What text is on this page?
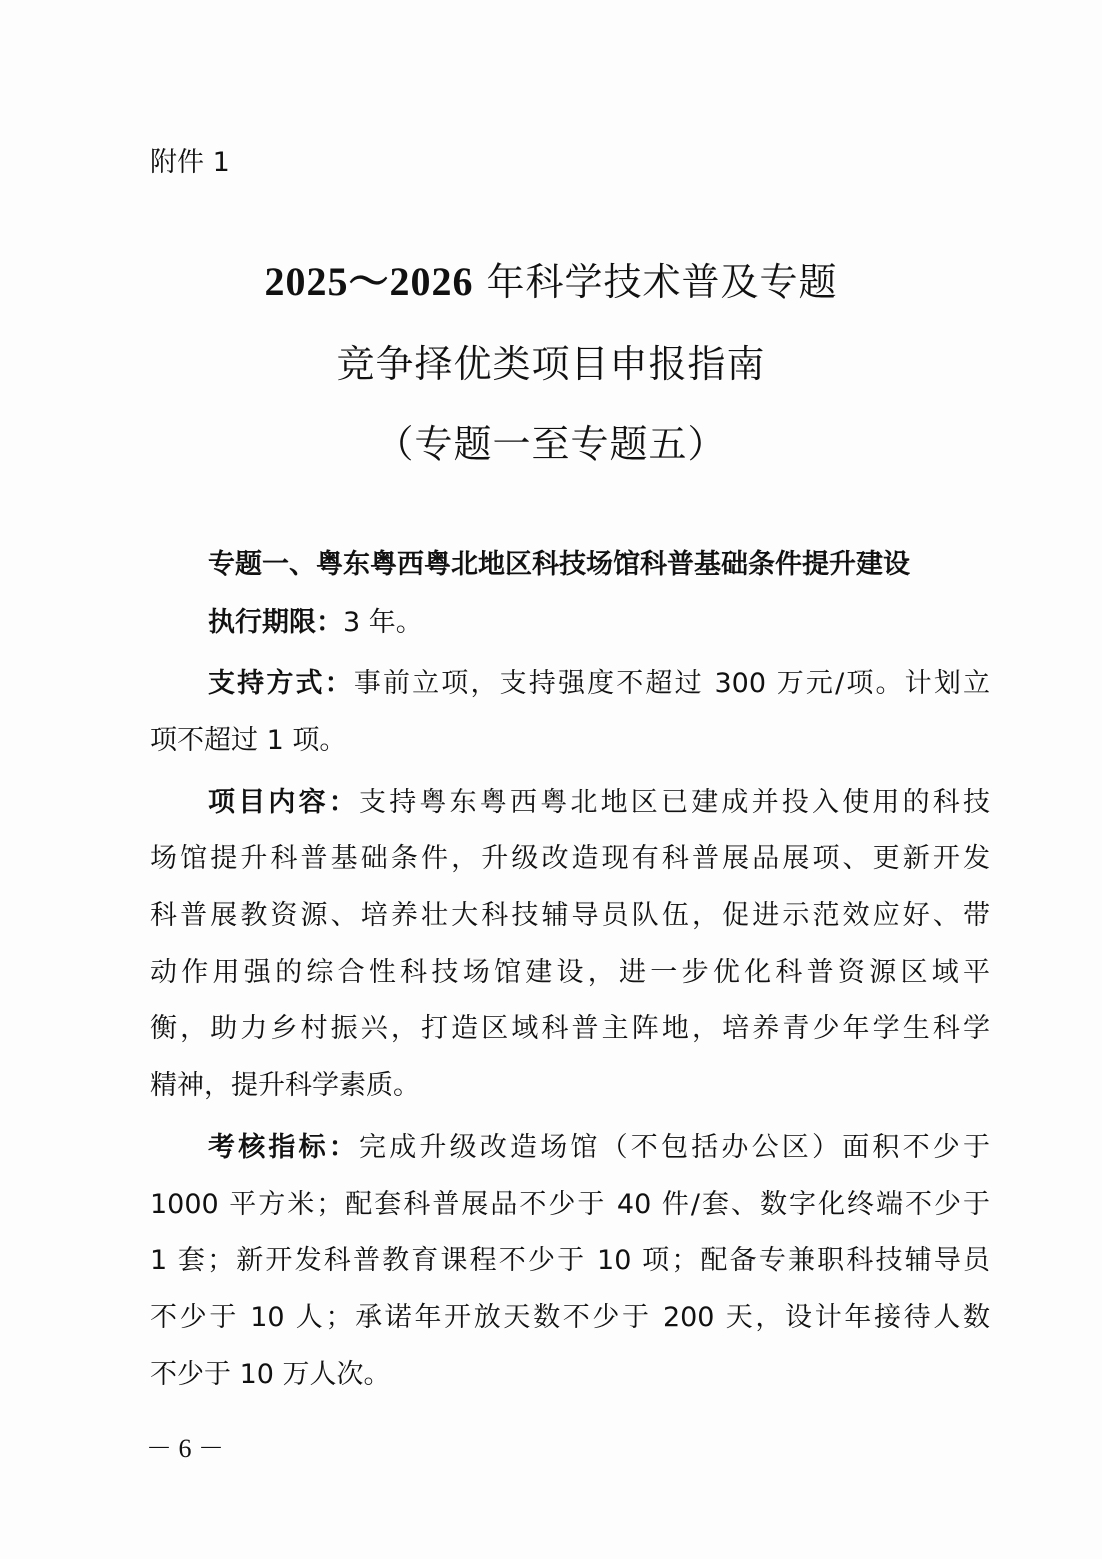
附件 1
2025～2026 年科学技术普及专题
竞争择优类项目申报指南
（专题一至专题五）
专题一、粤东粤西粤北地区科技场馆科普基础条件提升建设
执行期限：3 年。
支持方式：事前立项，支持强度不超过 300 万元/项。计划立
项不超过 1 项。
项目内容：支持粤东粤西粤北地区已建成并投入使用的科技
场馆提升科普基础条件，升级改造现有科普展品展项、更新开发
科普展教资源、培养壮大科技辅导员队伍，促进示范效应好、带
动作用强的综合性科技场馆建设，进一步优化科普资源区域平
衡，助力乡村振兴，打造区域科普主阵地，培养青少年学生科学
精神，提升科学素质。
考核指标：完成升级改造场馆（不包括办公区）面积不少于
1000 平方米；配套科普展品不少于 40 件/套、数字化终端不少于
1 套；新开发科普教育课程不少于 10 项；配备专兼职科技辅导员
不少于 10 人；承诺年开放天数不少于 200 天，设计年接待人数
不少于 10 万人次。
－ 6 －
